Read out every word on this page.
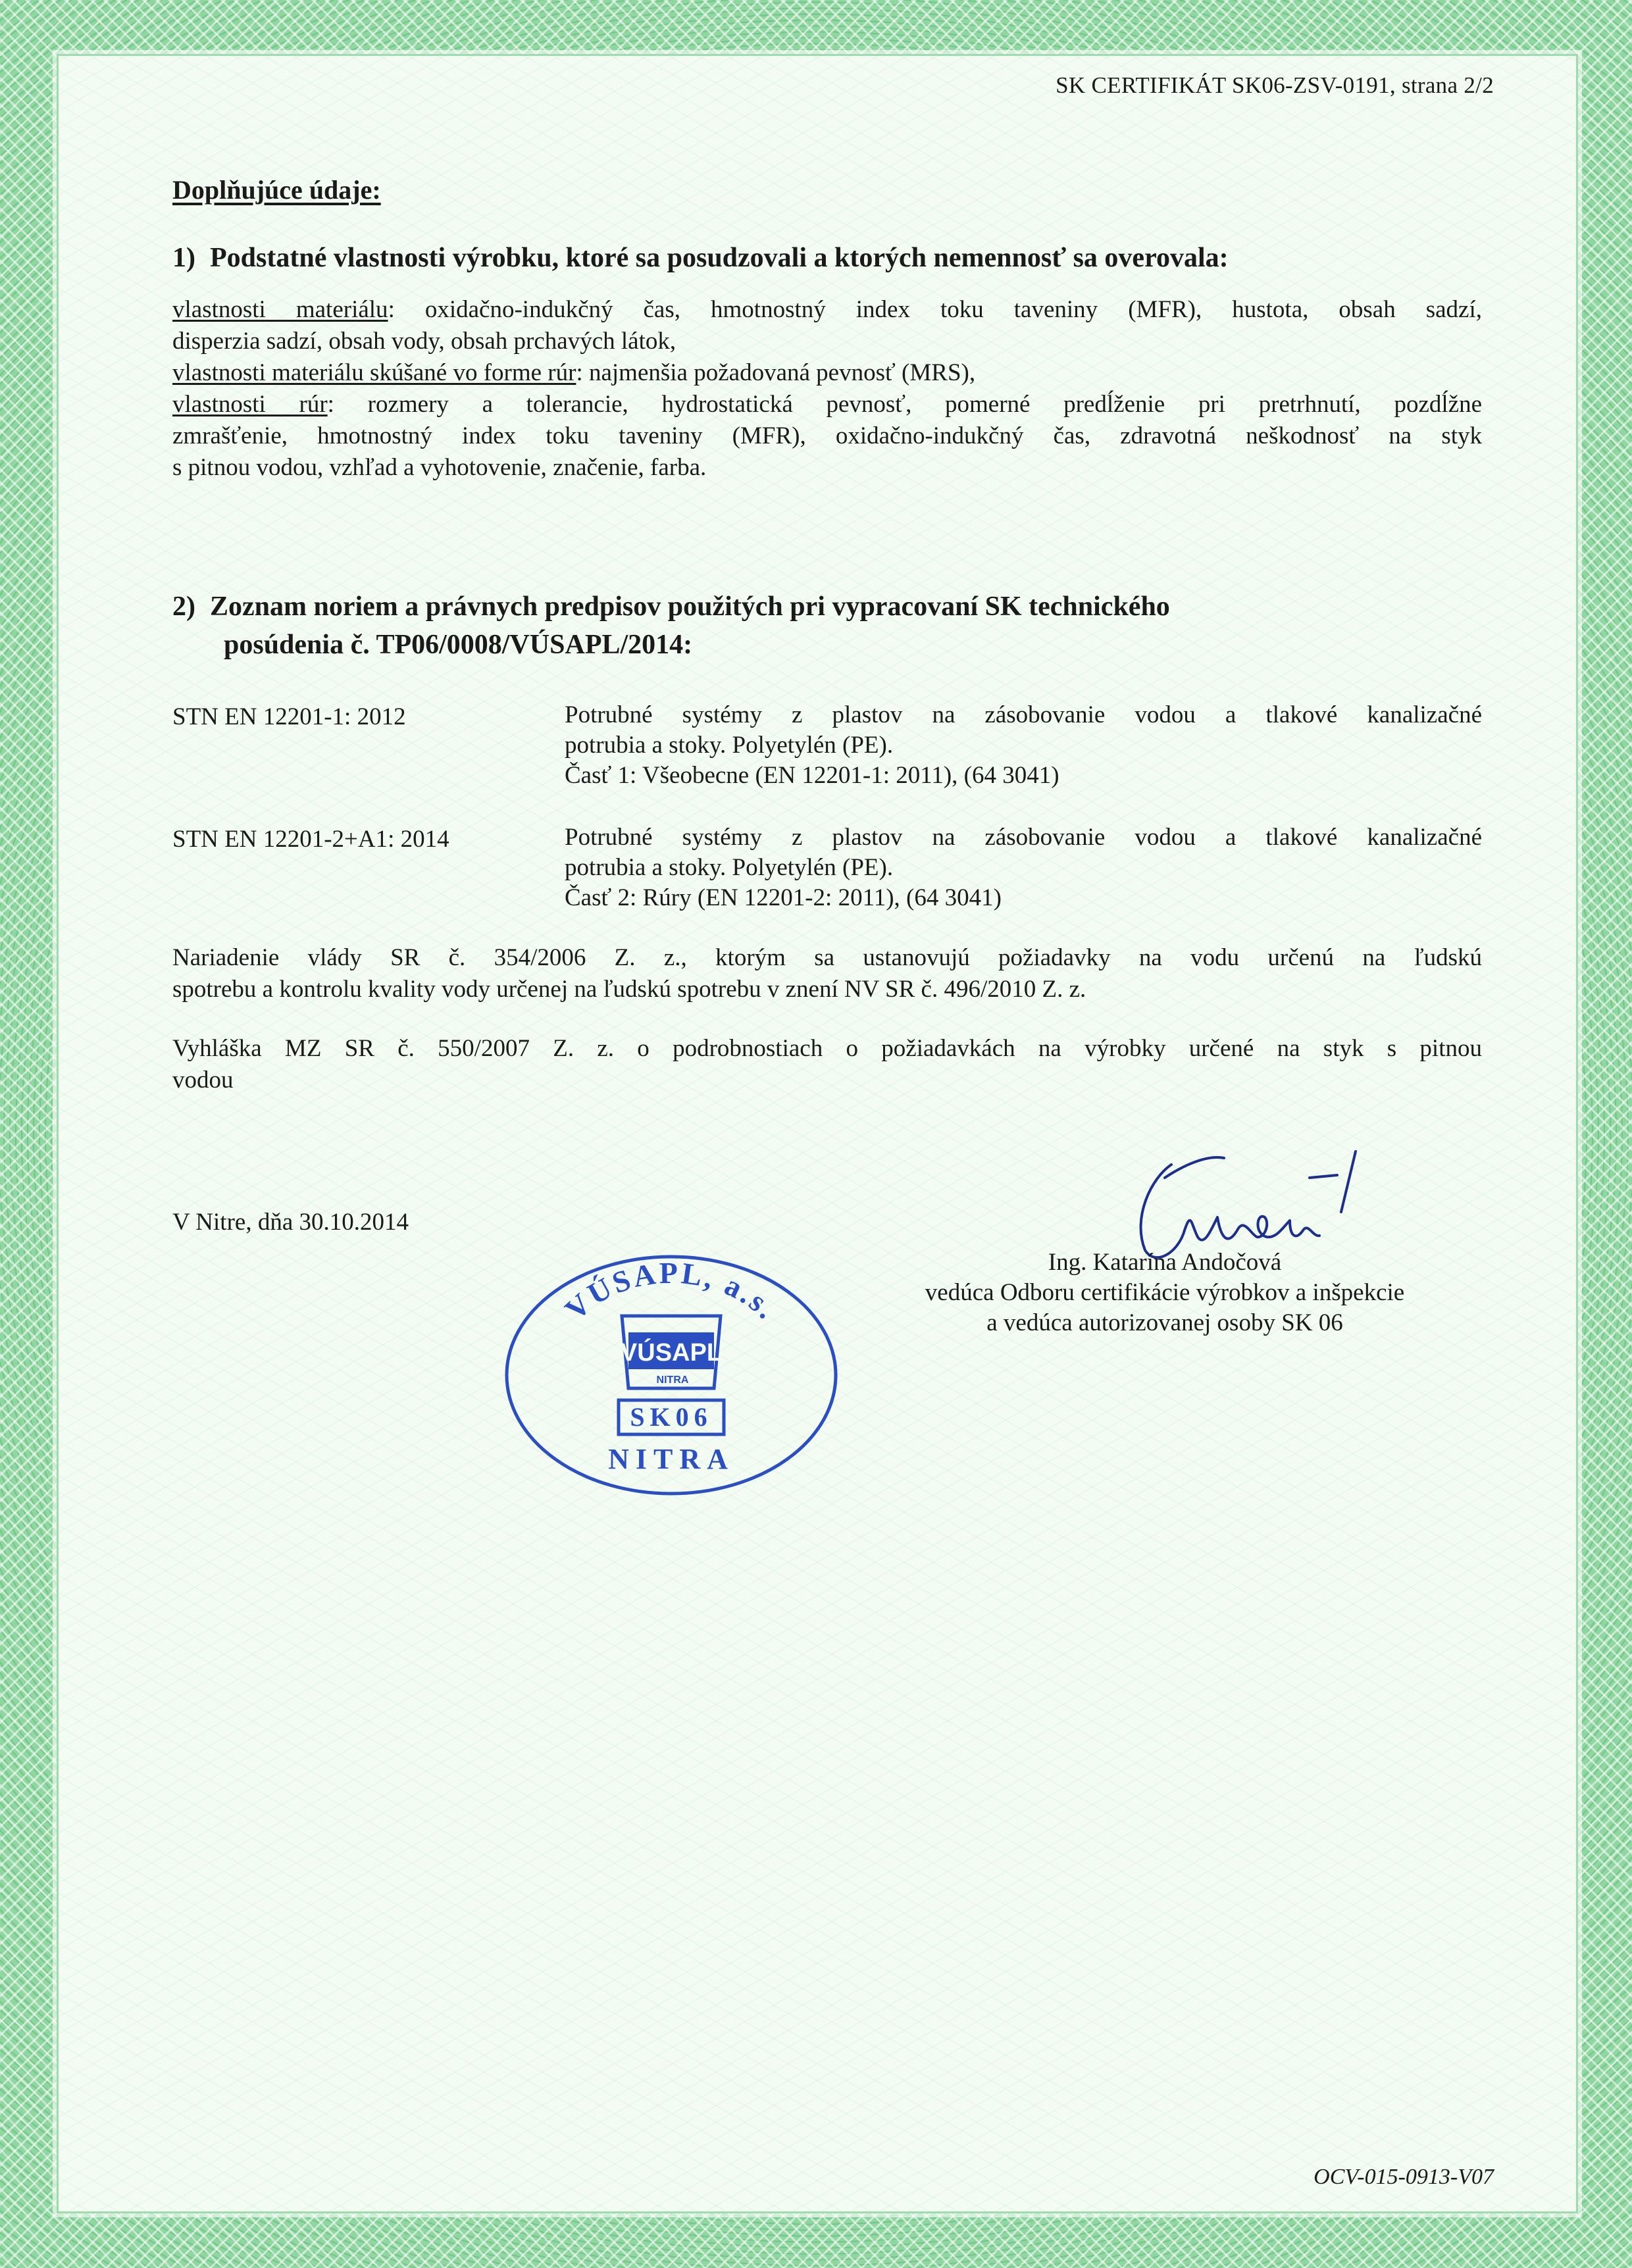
SK CERTIFIKÁT SK06-ZSV-0191, strana 2/2
Doplňujúce údaje:
1) Podstatné vlastnosti výrobku, ktoré sa posudzovali a ktorých nemennosť sa overovala:
vlastnosti materiálu: oxidačno-indukčný čas, hmotnostný index toku taveniny (MFR), hustota, obsah sadzí,
disperzia sadzí, obsah vody, obsah prchavých látok,
vlastnosti materiálu skúšané vo forme rúr: najmenšia požadovaná pevnosť (MRS),
vlastnosti rúr: rozmery a tolerancie, hydrostatická pevnosť, pomerné predĺženie pri pretrhnutí, pozdĺžne
zmrašťenie, hmotnostný index toku taveniny (MFR), oxidačno-indukčný čas, zdravotná neškodnosť na styk
s pitnou vodou, vzhľad a vyhotovenie, značenie, farba.
2) Zoznam noriem a právnych predpisov použitých pri vypracovaní SK technického
posúdenia č. TP06/0008/VÚSAPL/2014:
STN EN 12201-1: 2012	Potrubné systémy z plastov na zásobovanie vodou a tlakové kanalizačné
potrubia a stoky. Polyetylén (PE).
Časť 1: Všeobecne (EN 12201-1: 2011), (64 3041)
STN EN 12201-2+A1: 2014	Potrubné systémy z plastov na zásobovanie vodou a tlakové kanalizačné
potrubia a stoky. Polyetylén (PE).
Časť 2: Rúry (EN 12201-2: 2011), (64 3041)
Nariadenie vlády SR č. 354/2006 Z. z., ktorým sa ustanovujú požiadavky na vodu určenú na ľudskú
spotrebu a kontrolu kvality vody určenej na ľudskú spotrebu v znení NV SR č. 496/2010 Z. z.
Vyhláška MZ SR č. 550/2007 Z. z. o podrobnostiach o požiadavkách na výrobky určené na styk s pitnou
vodou
V Nitre, dňa 30.10.2014
Ing. Katarína Andočová
vedúca Odboru certifikácie výrobkov a inšpekcie
a vedúca autorizovanej osoby SK 06
VÚSAPL, a.s.
VÚSAPL
NITRA
SK06
NITRA
OCV-015-0913-V07
